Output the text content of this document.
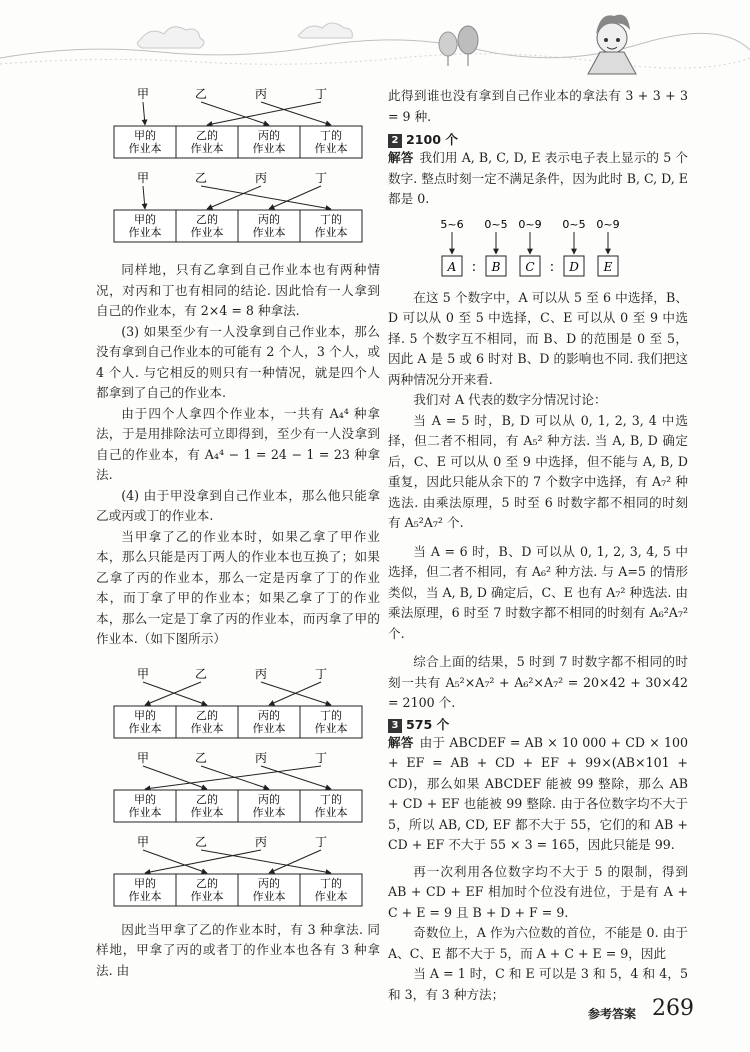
甲	乙	丙	丁
甲的
作业本
乙的
作业本
丙的
作业本
丁的
作业本
甲	乙	丙	丁
甲的
作业本
乙的
作业本
丙的
作业本
丁的
作业本

同样地，只有乙拿到自己作业本也有两种情况，对丙和丁也有相同的结论. 因此恰有一人拿到自己的作业本，有 2×4 = 8 种拿法.

(3) 如果至少有一人没拿到自己作业本，那么没有拿到自己作业本的可能有 2 个人，3 个人，或 4 个人. 与它相反的则只有一种情况，就是四个人都拿到了自己的作业本.

由于四个人拿四个作业本，一共有 A₄⁴ 种拿法，于是用排除法可立即得到，至少有一人没拿到自己的作业本，有 A₄⁴ − 1 = 24 − 1 = 23 种拿法.

(4) 由于甲没拿到自己作业本，那么他只能拿乙或丙或丁的作业本.

当甲拿了乙的作业本时，如果乙拿了甲作业本，那么只能是丙丁两人的作业本也互换了；如果乙拿了丙的作业本，那么一定是丙拿了丁的作业本，而丁拿了甲的作业本；如果乙拿了丁的作业本，那么一定是丁拿了丙的作业本，而丙拿了甲的作业本.（如下图所示）

甲	乙	丙	丁
甲的
作业本
乙的
作业本
丙的
作业本
丁的
作业本
甲	乙	丙	丁
甲的
作业本
乙的
作业本
丙的
作业本
丁的
作业本
甲	乙	丙	丁
甲的
作业本
乙的
作业本
丙的
作业本
丁的
作业本

因此当甲拿了乙的作业本时，有 3 种拿法. 同样地，甲拿了丙的或者丁的作业本也各有 3 种拿法. 由

此得到谁也没有拿到自己作业本的拿法有 3 + 3 + 3 = 9 种.

2 2100 个

解答 我们用 A, B, C, D, E 表示电子表上显示的 5 个数字. 整点时刻一定不满足条件，因为此时 B, C, D, E 都是 0.

5~6
A
0~5
B
0~9
C
0~5
D
0~9
E
:	:

在这 5 个数字中，A 可以从 5 至 6 中选择，B、D 可以从 0 至 5 中选择，C、E 可以从 0 至 9 中选择. 5 个数字互不相同，而 B、D 的范围是 0 至 5，因此 A 是 5 或 6 时对 B、D 的影响也不同. 我们把这两种情况分开来看.

我们对 A 代表的数字分情况讨论：

当 A = 5 时，B, D 可以从 0, 1, 2, 3, 4 中选择，但二者不相同，有 A₅² 种方法. 当 A, B, D 确定后，C、E 可以从 0 至 9 中选择，但不能与 A, B, D 重复，因此只能从余下的 7 个数字中选择，有 A₇² 种选法. 由乘法原理，5 时至 6 时数字都不相同的时刻有 A₅²A₇² 个.

当 A = 6 时，B、D 可以从 0, 1, 2, 3, 4, 5 中选择，但二者不相同，有 A₆² 种方法. 与 A=5 的情形类似，当 A, B, D 确定后，C、E 也有 A₇² 种选法. 由乘法原理，6 时至 7 时数字都不相同的时刻有 A₆²A₇² 个.

综合上面的结果，5 时到 7 时数字都不相同的时刻一共有 A₅²×A₇² + A₆²×A₇² = 20×42 + 30×42 = 2100 个.

3 575 个

解答 由于 ABCDEF = AB × 10 000 + CD × 100 + EF = AB + CD + EF + 99×(AB×101 + CD)，那么如果 ABCDEF 能被 99 整除，那么 AB + CD + EF 也能被 99 整除. 由于各位数字均不大于 5，所以 AB, CD, EF 都不大于 55，它们的和 AB + CD + EF 不大于 55 × 3 = 165，因此只能是 99.

再一次利用各位数字均不大于 5 的限制，得到 AB + CD + EF 相加时个位没有进位，于是有 A + C + E = 9 且 B + D + F = 9.

奇数位上，A 作为六位数的首位，不能是 0. 由于 A、C、E 都不大于 5，而 A + C + E = 9，因此

当 A = 1 时，C 和 E 可以是 3 和 5，4 和 4，5 和 3，有 3 种方法；

参考答案 269
